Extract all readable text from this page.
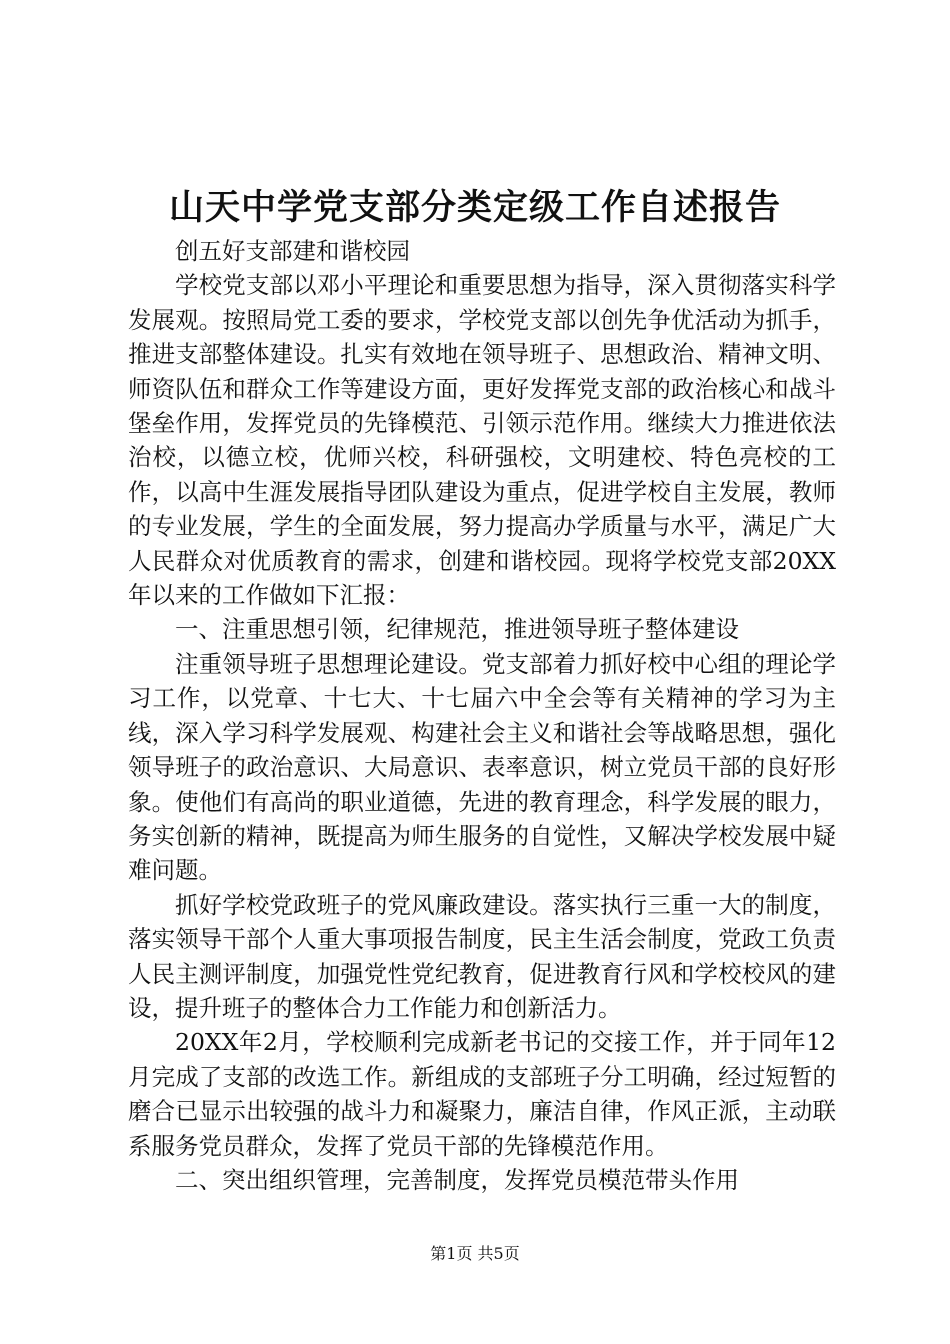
山天中学党支部分类定级工作自述报告

创五好支部建和谐校园

学校党支部以邓小平理论和重要思想为指导，深入贯彻落实科学发展观。按照局党工委的要求，学校党支部以创先争优活动为抓手，推进支部整体建设。扎实有效地在领导班子、思想政治、精神文明、师资队伍和群众工作等建设方面，更好发挥党支部的政治核心和战斗堡垒作用，发挥党员的先锋模范、引领示范作用。继续大力推进依法治校，以德立校，优师兴校，科研强校，文明建校、特色亮校的工作，以高中生涯发展指导团队建设为重点，促进学校自主发展，教师的专业发展，学生的全面发展，努力提高办学质量与水平，满足广大人民群众对优质教育的需求，创建和谐校园。现将学校党支部20XX年以来的工作做如下汇报：

一、注重思想引领，纪律规范，推进领导班子整体建设

注重领导班子思想理论建设。党支部着力抓好校中心组的理论学习工作，以党章、十七大、十七届六中全会等有关精神的学习为主线，深入学习科学发展观、构建社会主义和谐社会等战略思想，强化领导班子的政治意识、大局意识、表率意识，树立党员干部的良好形象。使他们有高尚的职业道德，先进的教育理念，科学发展的眼力，务实创新的精神，既提高为师生服务的自觉性，又解决学校发展中疑难问题。

抓好学校党政班子的党风廉政建设。落实执行三重一大的制度，落实领导干部个人重大事项报告制度，民主生活会制度，党政工负责人民主测评制度，加强党性党纪教育，促进教育行风和学校校风的建设，提升班子的整体合力工作能力和创新活力。

20XX年2月，学校顺利完成新老书记的交接工作，并于同年12月完成了支部的改选工作。新组成的支部班子分工明确，经过短暂的磨合已显示出较强的战斗力和凝聚力，廉洁自律，作风正派，主动联系服务党员群众，发挥了党员干部的先锋模范作用。

二、突出组织管理，完善制度，发挥党员模范带头作用

第1页 共5页
